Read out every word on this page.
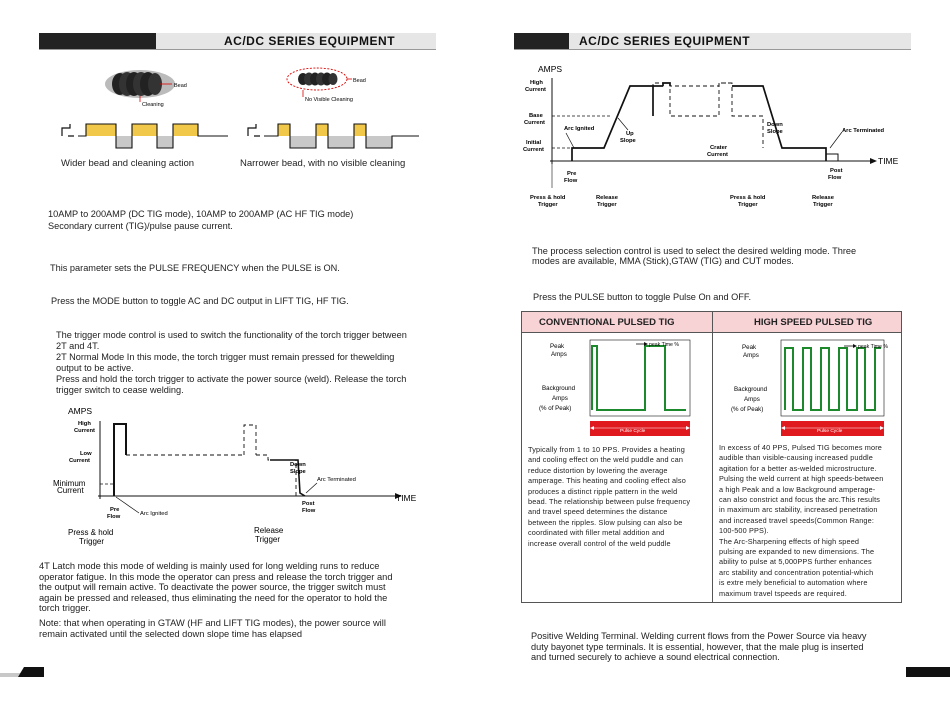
AC/DC SERIES EQUIPMENT	AC/DC SERIES EQUIPMENT
Bead
Cleaning
Bead
No Visible Cleaning
Wider bead and cleaning action	Narrower bead, with no visible cleaning
10AMP to 200AMP (DC TIG mode), 10AMP to 200AMP (AC HF TIG mode)
Secondary current (TIG)/pulse pause current.
This parameter sets the PULSE FREQUENCY when the PULSE is ON.
Press the MODE button to toggle AC and DC output in LIFT TIG, HF TIG.
The trigger mode control is used to switch the functionality of the torch trigger between
2T and 4T.
2T Normal Mode In this mode, the torch trigger must remain pressed for thewelding
output to be active.
Press and hold the torch trigger to activate the power source (weld). Release the torch
trigger switch to cease welding.
AMPS
High
Current
Low
Current
Minimum
Current
Down
Slope
Arc Terminated
TIME
Pre
Flow	Arc Ignited
Post
Flow
Press & hold
Trigger
Release
Trigger
4T Latch mode this mode of welding is mainly used for long welding runs to reduce
operator fatigue. In this mode the operator can press and release the torch trigger and
the output will remain active. To deactivate the power source, the trigger switch must
again be pressed and released, thus eliminating the need for the operator to hold the
torch trigger.
Note: that when operating in GTAW (HF and LIFT TIG modes), the power source will
remain activated until the selected down slope time has elapsed
AMPS
High
Current
Base
Current
Initial
Current
Arc Ignited
Up
Slope
Down
Slope	Arc Terminated
Crater
Current
TIME
Pre
Flow
Post
Flow
Press & hold
Trigger
Release
Trigger
Press & hold
Trigger
Release
Trigger
The process selection control is used to select the desired welding mode. Three
modes are available, MMA (Stick),GTAW (TIG) and CUT modes.
Press the PULSE button to toggle Pulse On and OFF.
CONVENTIONAL PULSED TIG	HIGH SPEED PULSED TIG
Peak
Amps
Background
Amps
(% of Peak)
peak Time %
Pulse Cycle
Peak
Amps
Background
Amps
(% of Peak)
peak Time %
Pulse Cycle
Typically from 1 to 10 PPS. Provides a heating
and cooling effect on the weld puddle and can
reduce distortion by lowering the average
amperage. This heating and cooling effect also
produces a distinct ripple pattern in the weld
bead. The relationship between pulse frequency
and travel speed determines the distance
between the ripples. Slow pulsing can also be
coordinated with filler metal addition and
increase overall control of the weld puddle
In excess of 40 PPS, Pulsed TIG becomes more
audible than visible-causing increased puddle
agitation for a better as-welded microstructure.
Pulsing the weld current at high speeds-between
a high Peak and a low Background amperage-
can also constrict and focus the arc.This results
in maximum arc stability, increased penetration
and increased travel speeds(Common Range:
100-500 PPS).
The Arc-Sharpening effects of high speed
pulsing are expanded to new dimensions. The
ability to pulse at 5,000PPS further enhances
arc stability and concentration potential-which
is extre mely beneficial to automation where
maximum travel tspeeds are required.
Positive Welding Terminal. Welding current flows from the Power Source via heavy
duty bayonet type terminals. It is essential, however, that the male plug is inserted
and turned securely to achieve a sound electrical connection.
